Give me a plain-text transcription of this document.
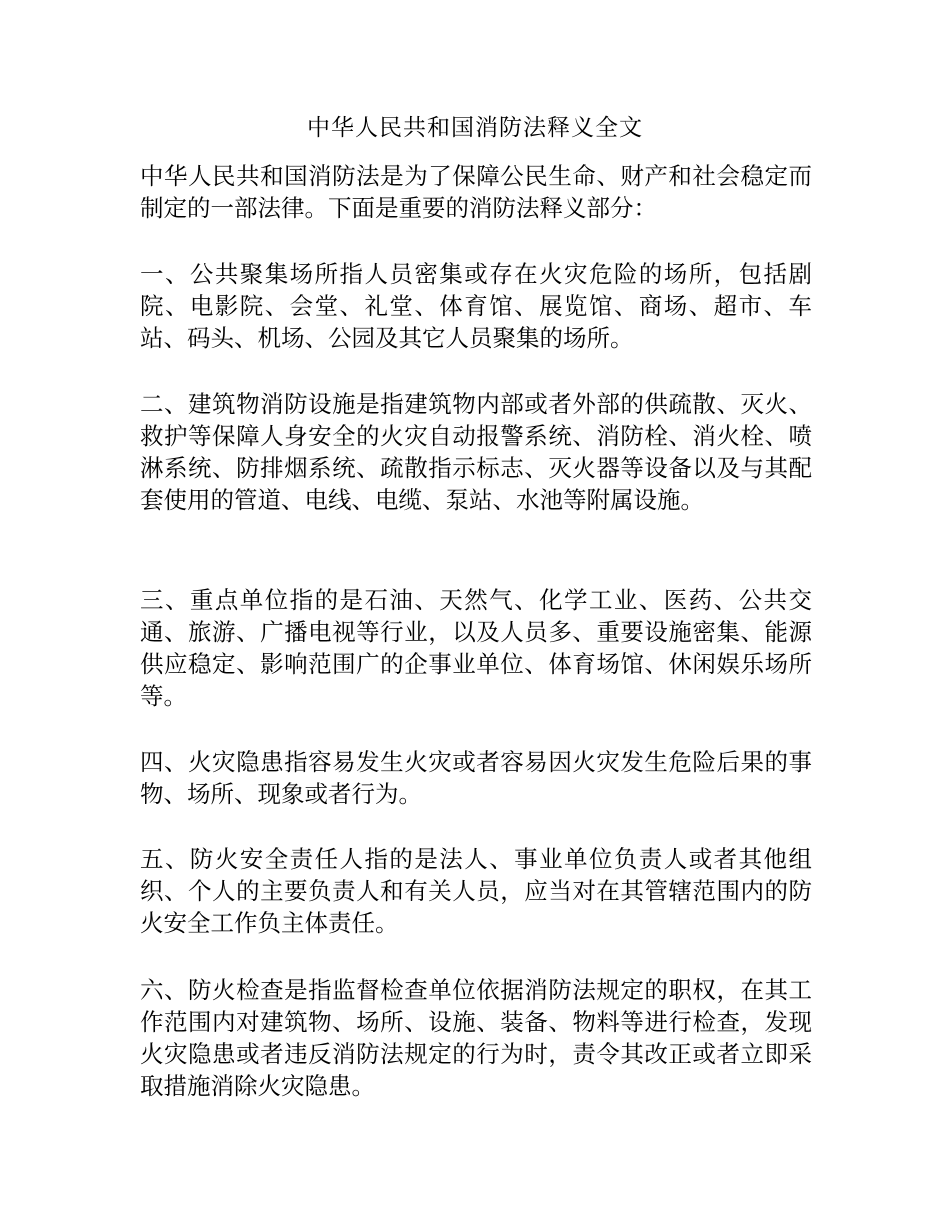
中华人民共和国消防法释义全文

中华人民共和国消防法是为了保障公民生命、财产和社会稳定而制定的一部法律。下面是重要的消防法释义部分：

一、公共聚集场所指人员密集或存在火灾危险的场所，包括剧院、电影院、会堂、礼堂、体育馆、展览馆、商场、超市、车站、码头、机场、公园及其它人员聚集的场所。

二、建筑物消防设施是指建筑物内部或者外部的供疏散、灭火、救护等保障人身安全的火灾自动报警系统、消防栓、消火栓、喷淋系统、防排烟系统、疏散指示标志、灭火器等设备以及与其配套使用的管道、电线、电缆、泵站、水池等附属设施。

三、重点单位指的是石油、天然气、化学工业、医药、公共交通、旅游、广播电视等行业，以及人员多、重要设施密集、能源供应稳定、影响范围广的企事业单位、体育场馆、休闲娱乐场所等。

四、火灾隐患指容易发生火灾或者容易因火灾发生危险后果的事物、场所、现象或者行为。

五、防火安全责任人指的是法人、事业单位负责人或者其他组织、个人的主要负责人和有关人员，应当对在其管辖范围内的防火安全工作负主体责任。

六、防火检查是指监督检查单位依据消防法规定的职权，在其工作范围内对建筑物、场所、设施、装备、物料等进行检查，发现火灾隐患或者违反消防法规定的行为时，责令其改正或者立即采取措施消除火灾隐患。
